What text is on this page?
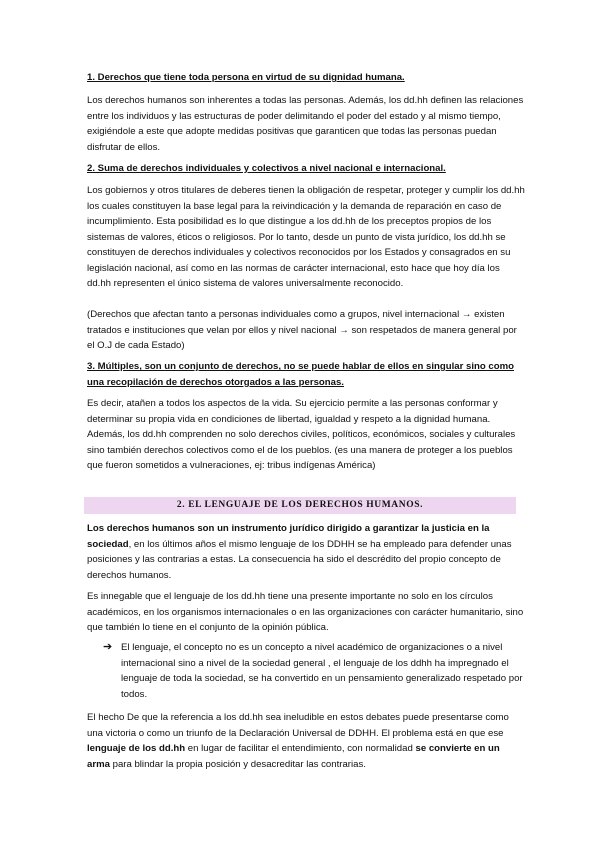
1. Derechos que tiene toda persona en virtud de su dignidad humana.
Los derechos humanos son inherentes a todas las personas. Además, los dd.hh definen las relaciones entre los individuos y las estructuras de poder delimitando el poder del estado y al mismo tiempo, exigiéndole a este que adopte medidas positivas que garanticen que todas las personas puedan disfrutar de ellos.
2. Suma de derechos individuales y colectivos a nivel nacional e internacional.
Los gobiernos y otros titulares de deberes tienen la obligación de respetar, proteger y cumplir los dd.hh los cuales constituyen la base legal para la reivindicación y la demanda de reparación en caso de incumplimiento. Esta posibilidad es lo que distingue a los dd.hh de los preceptos propios de los sistemas de valores, éticos o religiosos. Por lo tanto, desde un punto de vista jurídico, los dd.hh se constituyen de derechos individuales y colectivos reconocidos por los Estados y consagrados en su legislación nacional, así como en las normas de carácter internacional, esto hace que hoy día los dd.hh representen el único sistema de valores universalmente reconocido.
(Derechos que afectan tanto a personas individuales como a grupos, nivel internacional → existen tratados e instituciones que velan por ellos y nivel nacional → son respetados de manera general por el O.J de cada Estado)
3. Múltiples, son un conjunto de derechos, no se puede hablar de ellos en singular sino como una recopilación de derechos otorgados a las personas.
Es decir, atañen a todos los aspectos de la vida. Su ejercicio permite a las personas conformar y determinar su propia vida en condiciones de libertad, igualdad y respeto a la dignidad humana. Además, los dd.hh comprenden no solo derechos civiles, políticos, económicos, sociales y culturales sino también derechos colectivos como el de los pueblos. (es una manera de proteger a los pueblos que fueron sometidos a vulneraciones, ej: tribus indígenas América)
2. EL LENGUAJE DE LOS DERECHOS HUMANOS.
Los derechos humanos son un instrumento jurídico dirigido a garantizar la justicia en la sociedad, en los últimos años el mismo lenguaje de los DDHH se ha empleado para defender unas posiciones y las contrarias a estas. La consecuencia ha sido el descrédito del propio concepto de derechos humanos.
Es innegable que el lenguaje de los dd.hh tiene una presente importante no solo en los círculos académicos, en los organismos internacionales o en las organizaciones con carácter humanitario, sino que también lo tiene en el conjunto de la opinión pública.
➔ El lenguaje, el concepto no es un concepto a nivel académico de organizaciones o a nivel internacional sino a nivel de la sociedad general , el lenguaje de los ddhh ha impregnado el lenguaje de toda la sociedad, se ha convertido en un pensamiento generalizado respetado por todos.
El hecho De que la referencia a los dd.hh sea ineludible en estos debates puede presentarse como una victoria o como un triunfo de la Declaración Universal de DDHH. El problema está en que ese lenguaje de los dd.hh en lugar de facilitar el entendimiento, con normalidad se convierte en un arma para blindar la propia posición y desacreditar las contrarias.
